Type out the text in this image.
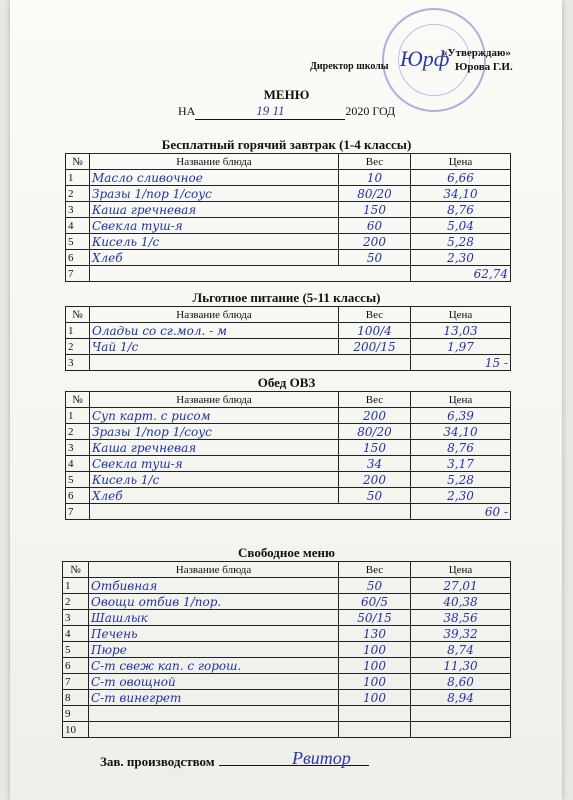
«Утверждаю»
Директор школы Юрф Юрова Г.И.
МЕНЮ
НА	19 11	2020 ГОД
Бесплатный горячий завтрак (1-4 классы)
№	Название блюда	Вес	Цена
1	Масло сливочное	10	6,66
2	Зразы 1/пор 1/соус	80/20	34,10
3	Каша гречневая	150	8,76
4	Свекла туш-я	60	5,04
5	Кисель 1/с	200	5,28
6	Хлеб	50	2,30
7			62,74
Льготное питание (5-11 классы)
№	Название блюда	Вес	Цена
1	Оладьи со сг.мол. - м	100/4	13,03
2	Чай 1/с	200/15	1,97
3			15 -
Обед ОВЗ
№	Название блюда	Вес	Цена
1	Суп карт. с рисом	200	6,39
2	Зразы 1/пор 1/соус	80/20	34,10
3	Каша гречневая	150	8,76
4	Свекла туш-я	34	3,17
5	Кисель 1/с	200	5,28
6	Хлеб	50	2,30
7			60 -
Свободное меню
№	Название блюда	Вес	Цена
1	Отбивная	50	27,01
2	Овощи отбив 1/пор.	60/5	40,38
3	Шашлык	50/15	38,56
4	Печень	130	39,32
5	Пюре	100	8,74
6	С-т свеж кап. с горош.	100	11,30
7	С-т овощной	100	8,60
8	С-т винегрет	100	8,94
9			
10			
Зав. производством	Рвитор
